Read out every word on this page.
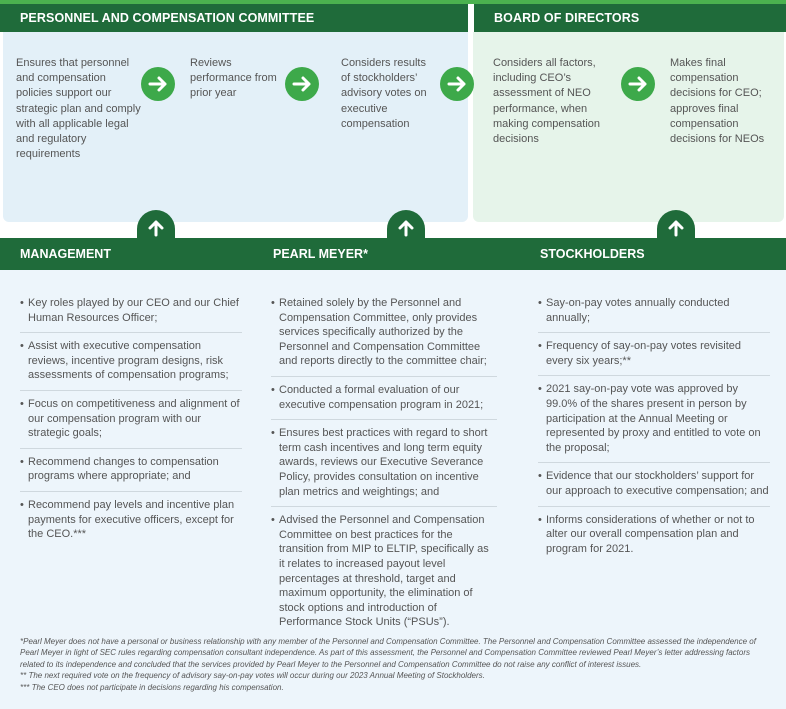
PERSONNEL AND COMPENSATION COMMITTEE	BOARD OF DIRECTORS
Ensures that personnel and compensation policies support our strategic plan and comply with all applicable legal and regulatory requirements
Reviews performance from prior year
Considers results of stockholders’ advisory votes on executive compensation
Considers all factors, including CEO’s assessment of NEO performance, when making compensation decisions
Makes final compensation decisions for CEO; approves final compensation decisions for NEOs
MANAGEMENT	PEARL MEYER*	STOCKHOLDERS
• Key roles played by our CEO and our Chief Human Resources Officer;
• Assist with executive compensation reviews, incentive program designs, risk assessments of compensation programs;
• Focus on competitiveness and alignment of our compensation program with our strategic goals;
• Recommend changes to compensation programs where appropriate; and
• Recommend pay levels and incentive plan payments for executive officers, except for the CEO.***
• Retained solely by the Personnel and Compensation Committee, only provides services specifically authorized by the Personnel and Compensation Committee and reports directly to the committee chair;
• Conducted a formal evaluation of our executive compensation program in 2021;
• Ensures best practices with regard to short term cash incentives and long term equity awards, reviews our Executive Severance Policy, provides consultation on incentive plan metrics and weightings; and
• Advised the Personnel and Compensation Committee on best practices for the transition from MIP to ELTIP, specifically as it relates to increased payout level percentages at threshold, target and maximum opportunity, the elimination of stock options and introduction of Performance Stock Units (“PSUs”).
• Say-on-pay votes annually conducted annually;
• Frequency of say-on-pay votes revisited every six years;**
• 2021 say-on-pay vote was approved by 99.0% of the shares present in person by participation at the Annual Meeting or represented by proxy and entitled to vote on the proposal;
• Evidence that our stockholders’ support for our approach to executive compensation; and
• Informs considerations of whether or not to alter our overall compensation plan and program for 2021.

*Pearl Meyer does not have a personal or business relationship with any member of the Personnel and Compensation Committee. The Personnel and Compensation Committee assessed the independence of Pearl Meyer in light of SEC rules regarding compensation consultant independence. As part of this assessment, the Personnel and Compensation Committee reviewed Pearl Meyer’s letter addressing factors related to its independence and concluded that the services provided by Pearl Meyer to the Personnel and Compensation Committee do not raise any conflict of interest issues.

** The next required vote on the frequency of advisory say-on-pay votes will occur during our 2023 Annual Meeting of Stockholders.

*** The CEO does not participate in decisions regarding his compensation.
